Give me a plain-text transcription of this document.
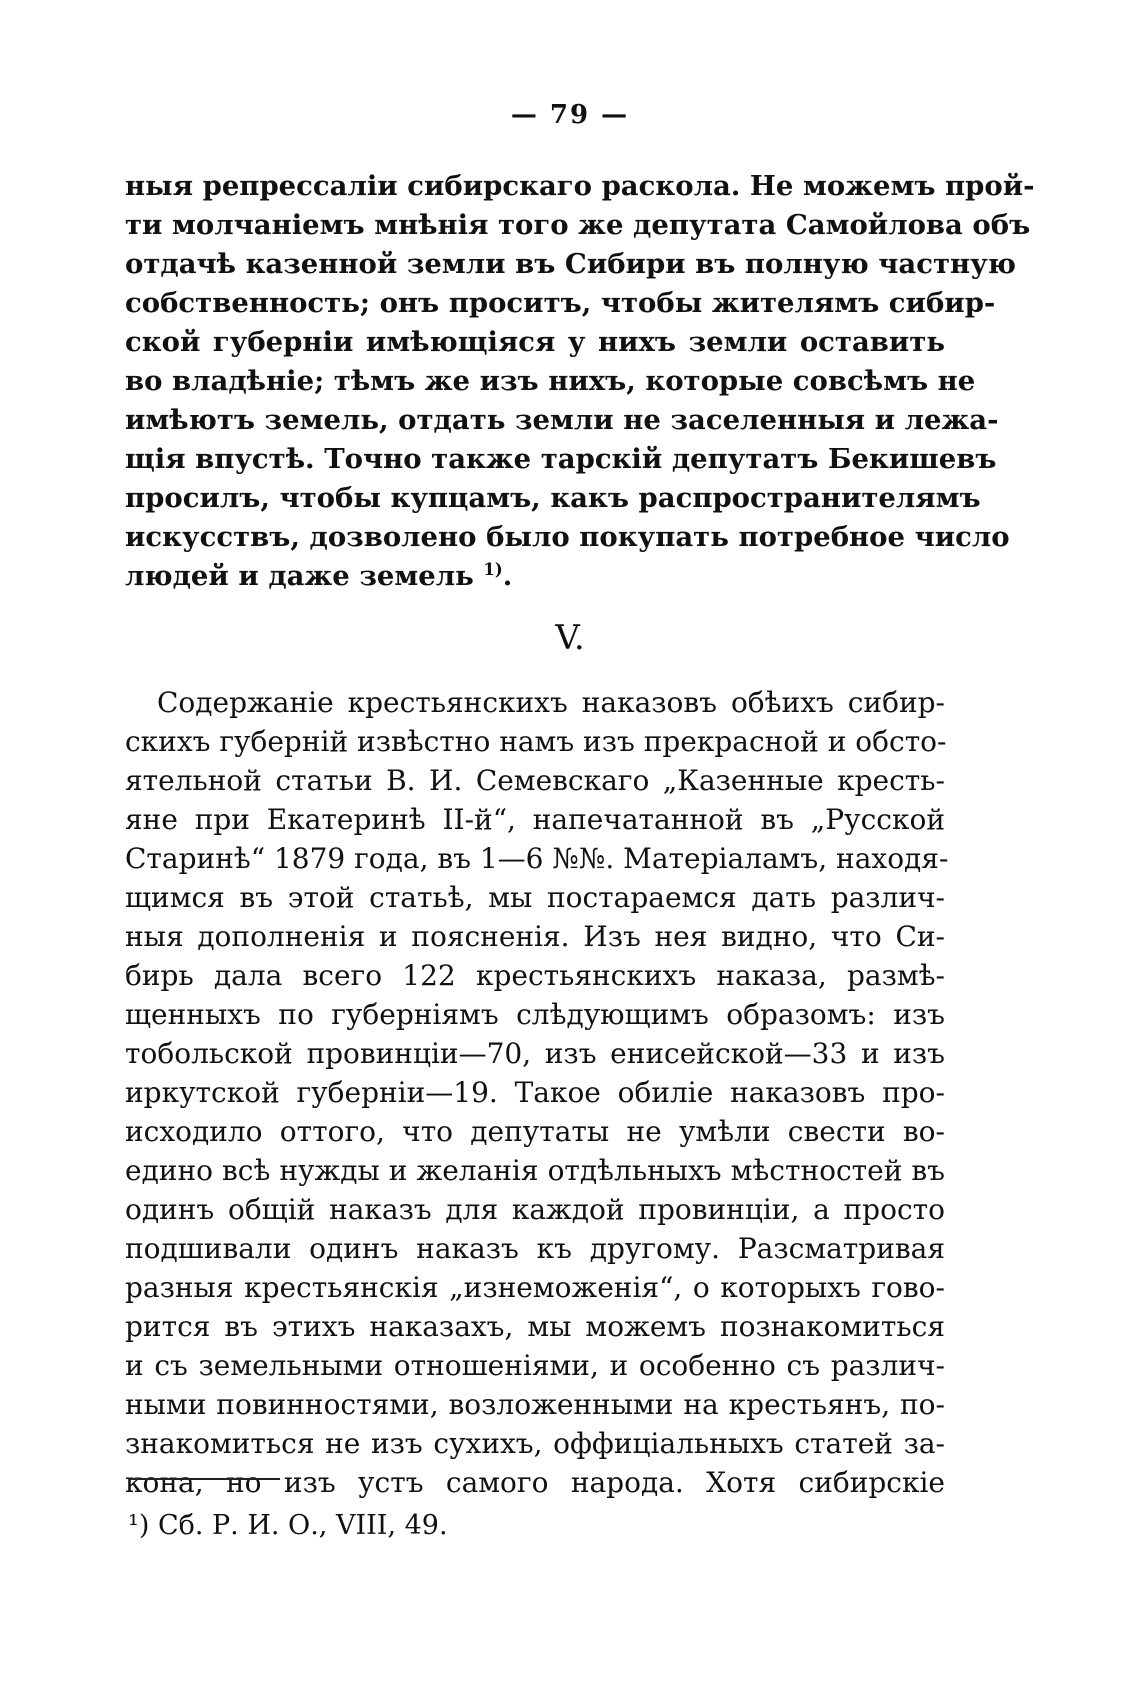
— 79 —
ныя репрессаліи сибирскаго раскола. Не можемъ прой-
ти молчаніемъ мнѣнія того же депутата Самойлова объ
отдачѣ казенной земли въ Сибири въ полную частную
собственность; онъ проситъ, чтобы жителямъ сибир-
ской губерніи имѣющіяся у нихъ земли оставить
во владѣніе; тѣмъ же изъ нихъ, которые совсѣмъ не
имѣютъ земель, отдать земли не заселенныя и лежа-
щія впустѣ. Точно также тарскій депутатъ Бекишевъ
просилъ, чтобы купцамъ, какъ распространителямъ
искусствъ, дозволено было покупать потребное число
людей и даже земель $^{1)}$.
V.
Содержаніе крестьянскихъ наказовъ обѣихъ сибир-
скихъ губерній извѣстно намъ изъ прекрасной и обсто-
ятельной статьи В. И. Семевскаго „Казенные кресть-
яне при Екатеринѣ II-й“, напечатанной въ „Русской
Старинѣ“ 1879 года, въ 1—6 №№. Матеріаламъ, находя-
щимся въ этой статьѣ, мы постараемся дать различ-
ныя дополненія и поясненія. Изъ нея видно, что Си-
бирь дала всего 122 крестьянскихъ наказа, размѣ-
щенныхъ по губерніямъ слѣдующимъ образомъ: изъ
тобольской провинціи—70, изъ енисейской—33 и изъ
иркутской губерніи—19. Такое обиліе наказовъ про-
исходило оттого, что депутаты не умѣли свести во-
едино всѣ нужды и желанія отдѣльныхъ мѣстностей въ
одинъ общій наказъ для каждой провинціи, а просто
подшивали одинъ наказъ къ другому. Разсматривая
разныя крестьянскія „изнеможенія“, о которыхъ гово-
рится въ этихъ наказахъ, мы можемъ познакомиться
и съ земельными отношеніями, и особенно съ различ-
ными повинностями, возложенными на крестьянъ, по-
знакомиться не изъ сухихъ, оффиціальныхъ статей за-
кона, но изъ устъ самого народа. Хотя сибирскіе
¹) Сб. Р. И. О., VIII, 49.
